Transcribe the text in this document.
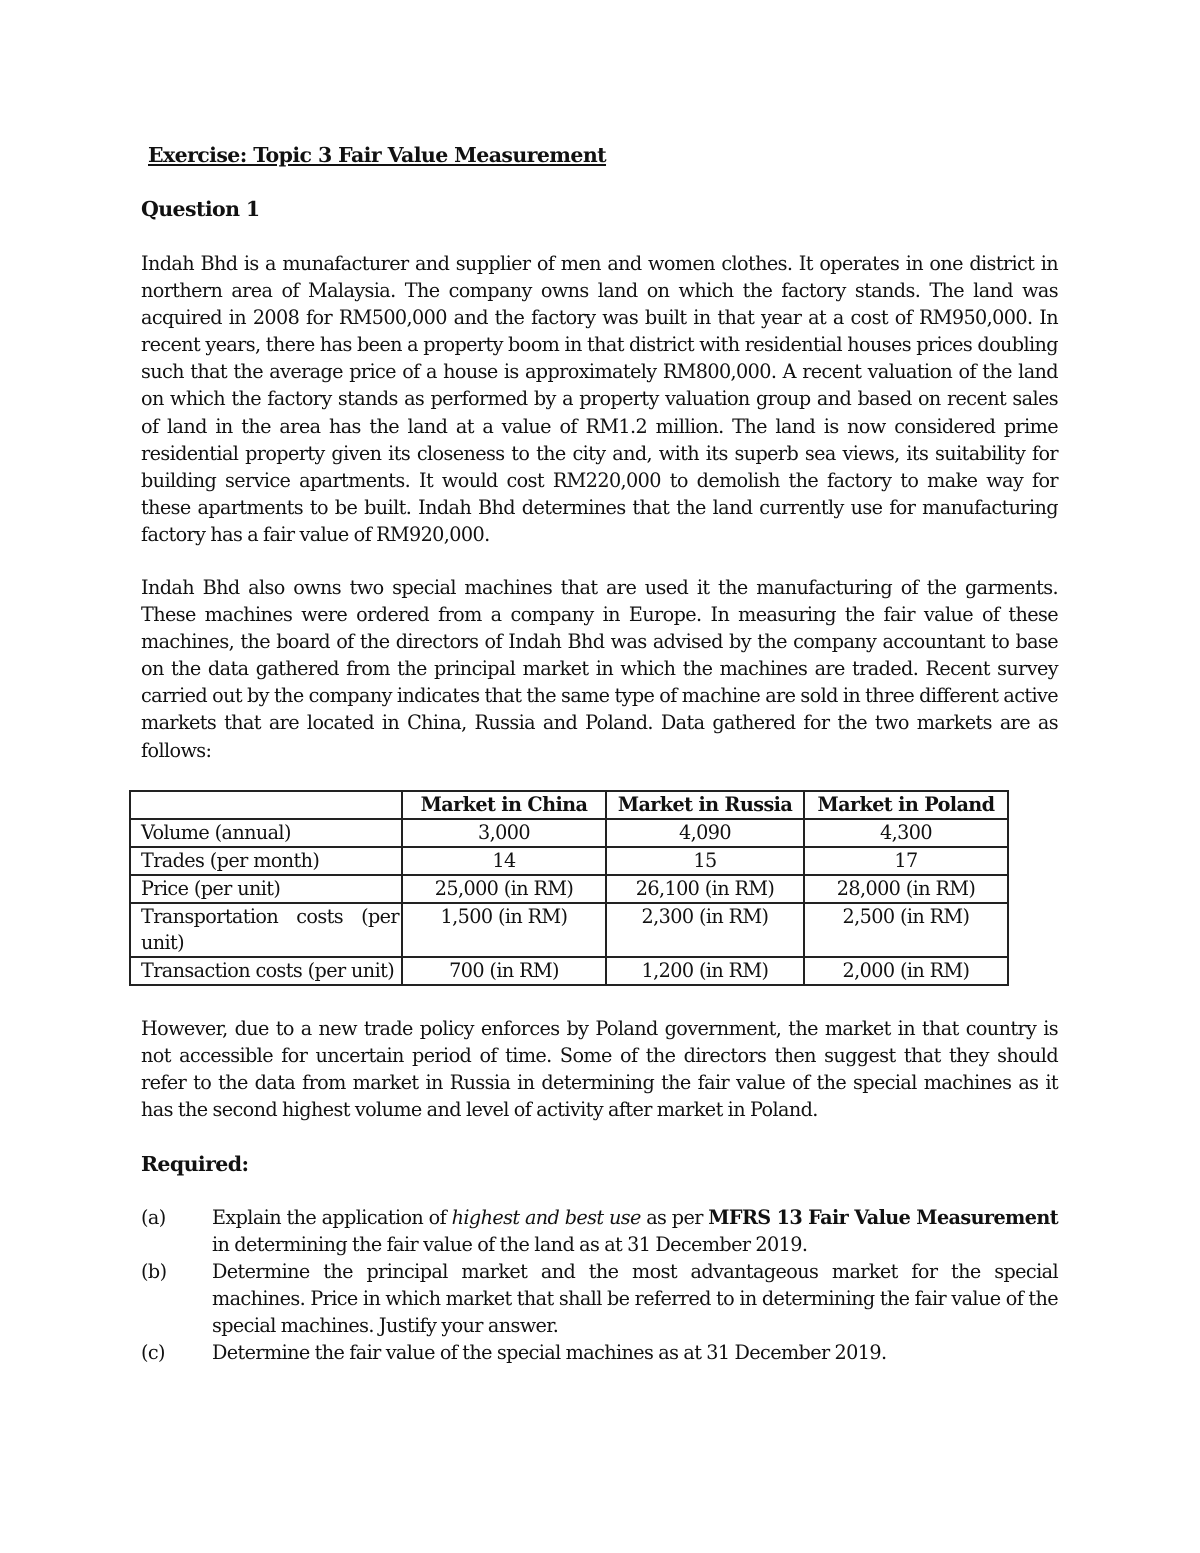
Exercise: Topic 3 Fair Value Measurement
Question 1
Indah Bhd is a munafacturer and supplier of men and women clothes. It operates in one district in northern area of Malaysia. The company owns land on which the factory stands. The land was acquired in 2008 for RM500,000 and the factory was built in that year at a cost of RM950,000. In recent years, there has been a property boom in that district with residential houses prices doubling such that the average price of a house is approximately RM800,000. A recent valuation of the land on which the factory stands as performed by a property valuation group and based on recent sales of land in the area has the land at a value of RM1.2 million. The land is now considered prime residential property given its closeness to the city and, with its superb sea views, its suitability for building service apartments. It would cost RM220,000 to demolish the factory to make way for these apartments to be built. Indah Bhd determines that the land currently use for manufacturing factory has a fair value of RM920,000.
Indah Bhd also owns two special machines that are used it the manufacturing of the garments. These machines were ordered from a company in Europe. In measuring the fair value of these machines, the board of the directors of Indah Bhd was advised by the company accountant to base on the data gathered from the principal market in which the machines are traded. Recent survey carried out by the company indicates that the same type of machine are sold in three different active markets that are located in China, Russia and Poland. Data gathered for the two markets are as follows:
	Market in China	Market in Russia	Market in Poland
Volume (annual)	3,000	4,090	4,300
Trades (per month)	14	15	17
Price (per unit)	25,000 (in RM)	26,100 (in RM)	28,000 (in RM)

Transportation costs (per unit)	1,500 (in RM)	2,300 (in RM)	2,500 (in RM)
Transaction costs (per unit)	700 (in RM)	1,200 (in RM)	2,000 (in RM)
However, due to a new trade policy enforces by Poland government, the market in that country is not accessible for uncertain period of time. Some of the directors then suggest that they should refer to the data from market in Russia in determining the fair value of the special machines as it has the second highest volume and level of activity after market in Poland.
Required:
(a) Explain the application of highest and best use as per MFRS 13 Fair Value Measurement in determining the fair value of the land as at 31 December 2019.
(b) Determine the principal market and the most advantageous market for the special machines. Price in which market that shall be referred to in determining the fair value of the special machines. Justify your answer.
(c) Determine the fair value of the special machines as at 31 December 2019.
